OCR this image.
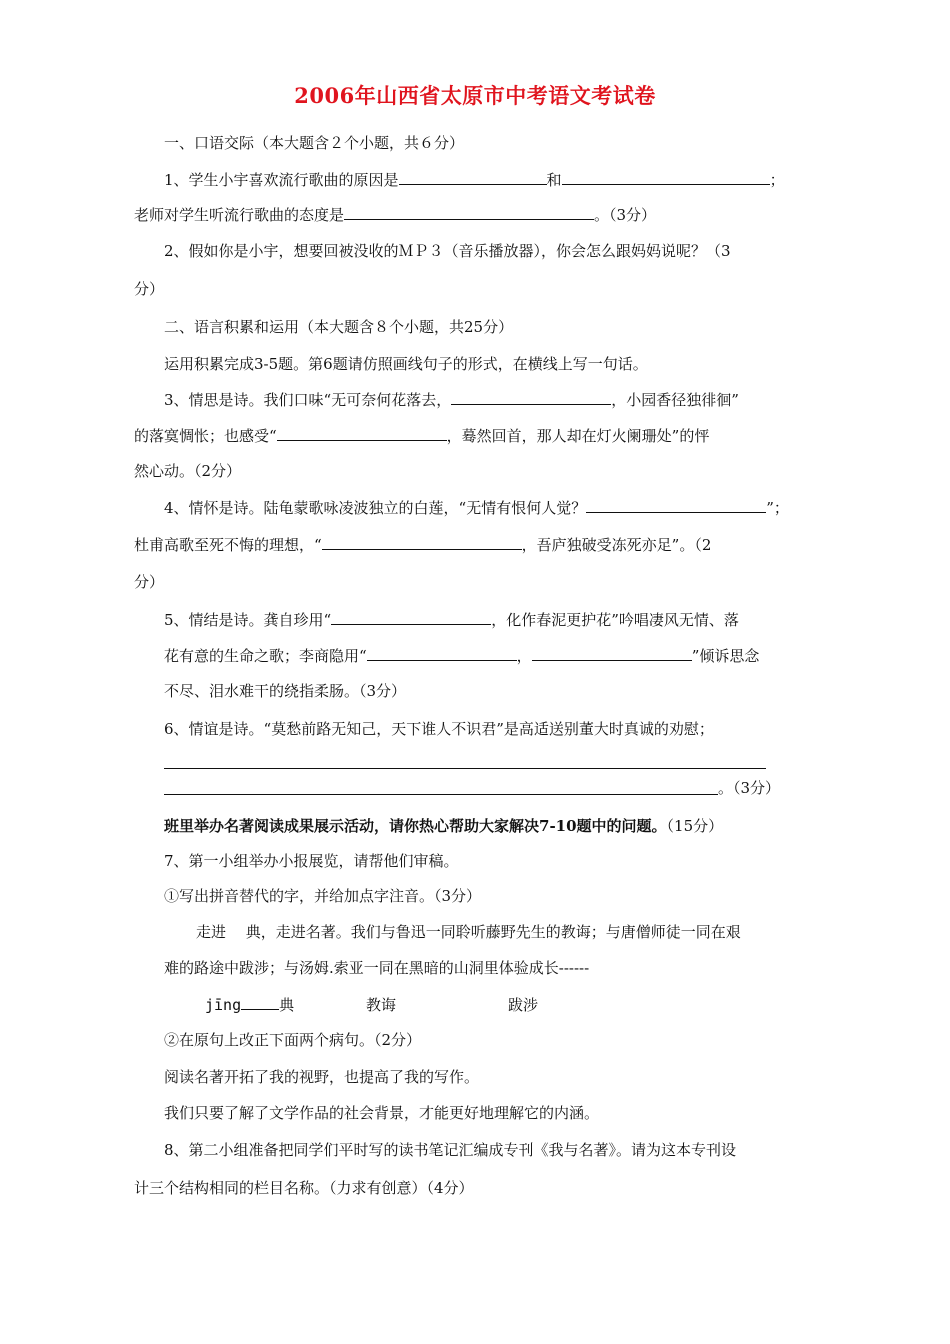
2006年山西省太原市中考语文考试卷
一、口语交际（本大题含２个小题，共６分）
1、学生小宇喜欢流行歌曲的原因是	和	；
老师对学生听流行歌曲的态度是	。（3分）
2、假如你是小宇，想要回被没收的ＭＰ３（音乐播放器），你会怎么跟妈妈说呢？（3
分）
二、语言积累和运用（本大题含８个小题，共25分）
运用积累完成3-5题。第6题请仿照画线句子的形式，在横线上写一句话。
3、情思是诗。我们口味“无可奈何花落去，	，小园香径独徘徊”
的落寞惆怅；也感受“	，蓦然回首，那人却在灯火阑珊处”的怦
然心动。（2分）
4、情怀是诗。陆龟蒙歌咏凌波独立的白莲，“无情有恨何人觉？	”；
杜甫高歌至死不悔的理想，“	，吾庐独破受冻死亦足”。（2
分）
5、情结是诗。龚自珍用“	，化作春泥更护花”吟唱凄风无情、落
花有意的生命之歌；李商隐用“	，	”倾诉思念
不尽、泪水难干的绕指柔肠。（3分）
6、情谊是诗。“莫愁前路无知己，天下谁人不识君”是高适送别董大时真诚的劝慰；
。（3分）
班里举办名著阅读成果展示活动，请你热心帮助大家解决7-10题中的问题。（15分）
7、第一小组举办小报展览，请帮他们审稿。
①写出拼音替代的字，并给加点字注音。（3分）
走进　 典，走进名著。我们与鲁迅一同聆听藤野先生的教诲；与唐僧师徒一同在艰
难的路途中跋涉；与汤姆.索亚一同在黑暗的山洞里体验成长------
jīng	典	教诲	跋涉
②在原句上改正下面两个病句。（2分）
阅读名著开拓了我的视野，也提高了我的写作。
我们只要了解了文学作品的社会背景，才能更好地理解它的内涵。
8、第二小组准备把同学们平时写的读书笔记汇编成专刊《我与名著》。请为这本专刊设
计三个结构相同的栏目名称。（力求有创意）（4分）
